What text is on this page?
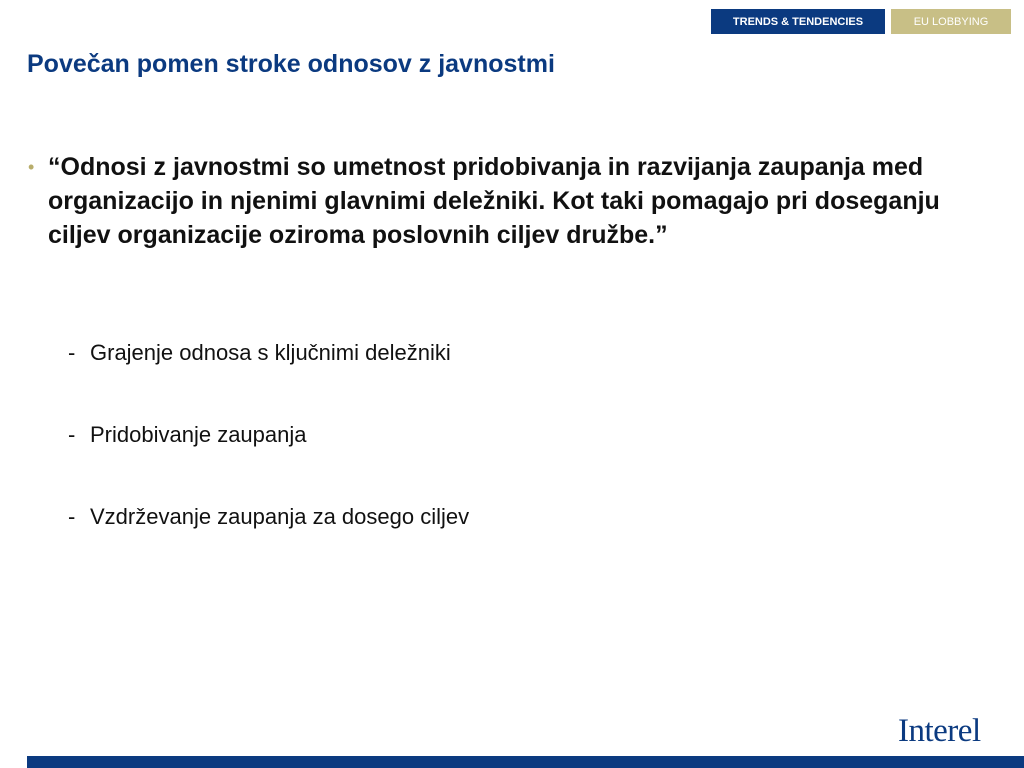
TRENDS & TENDENCIES	EU LOBBYING
Povečan pomen stroke odnosov z javnostmi
• “Odnosi z javnostmi so umetnost pridobivanja in razvijanja zaupanja med organizacijo in njenimi glavnimi deležniki. Kot taki pomagajo pri doseganju ciljev organizacije oziroma poslovnih ciljev družbe.”
- Grajenje odnosa s ključnimi deležniki
- Pridobivanje zaupanja
- Vzdrževanje zaupanja za dosego ciljev
Interel
